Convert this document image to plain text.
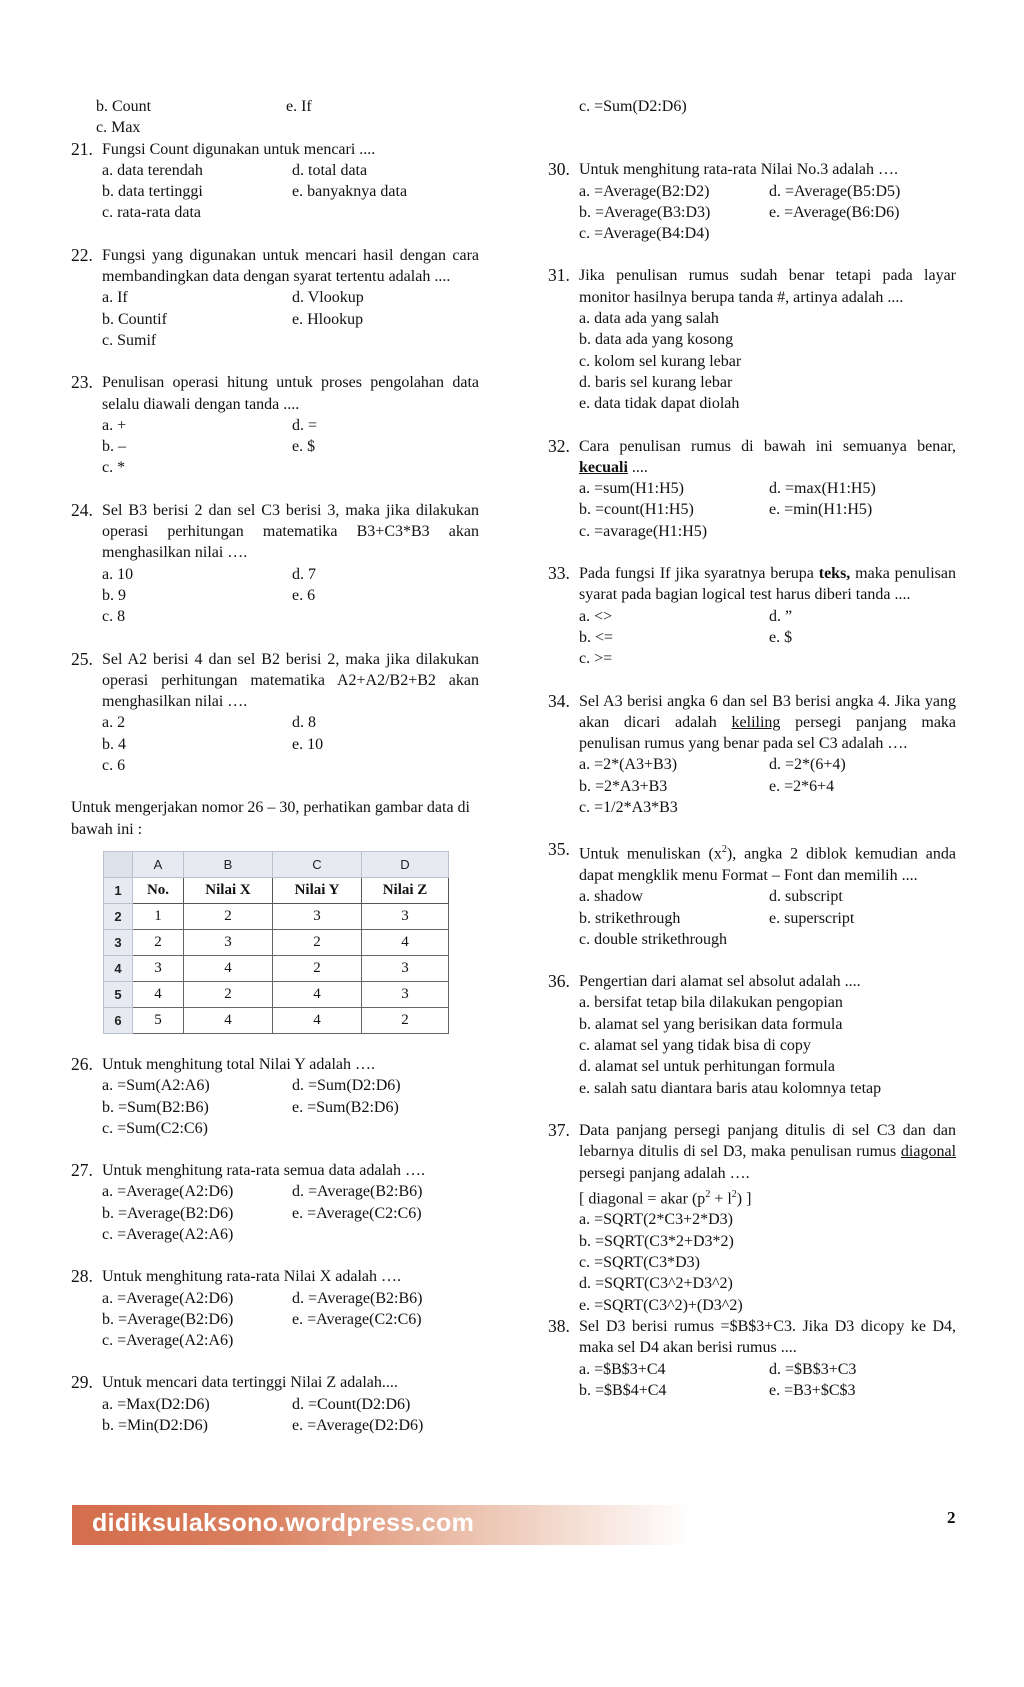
b. Count	e. If
c. Max
21. Fungsi Count digunakan untuk mencari ....
a. data terendah	d. total data
b. data tertinggi	e. banyaknya data
c. rata-rata data
22. Fungsi yang digunakan untuk mencari hasil dengan cara membandingkan data dengan syarat tertentu adalah ....
a. If	d. Vlookup
b. Countif	e. Hlookup
c. Sumif
23. Penulisan operasi hitung untuk proses pengolahan data selalu diawali dengan tanda ....
a. +	d. =
b. –	e. $
c. *
24. Sel B3 berisi 2 dan sel C3 berisi 3, maka jika dilakukan operasi perhitungan matematika B3+C3*B3 akan menghasilkan nilai ….
a. 10	d. 7
b. 9	e. 6
c. 8
25. Sel A2 berisi 4 dan sel B2 berisi 2, maka jika dilakukan operasi perhitungan matematika A2+A2/B2+B2 akan menghasilkan nilai ….
a. 2	d. 8
b. 4	e. 10
c. 6
Untuk mengerjakan nomor 26 – 30, perhatikan gambar data di bawah ini :
	A	B	C	D
1	No.	Nilai X	Nilai Y	Nilai Z
2	1	2	3	3
3	2	3	2	4
4	3	4	2	3
5	4	2	4	3
6	5	4	4	2
26. Untuk menghitung total Nilai Y adalah ….
a. =Sum(A2:A6)	d. =Sum(D2:D6)
b. =Sum(B2:B6)	e. =Sum(B2:D6)
c. =Sum(C2:C6)
27. Untuk menghitung rata-rata semua data adalah ….
a. =Average(A2:D6)	d. =Average(B2:B6)
b. =Average(B2:D6)	e. =Average(C2:C6)
c. =Average(A2:A6)
28. Untuk menghitung rata-rata Nilai X adalah ….
a. =Average(A2:D6)	d. =Average(B2:B6)
b. =Average(B2:D6)	e. =Average(C2:C6)
c. =Average(A2:A6)
29. Untuk mencari data tertinggi Nilai Z adalah....
a. =Max(D2:D6)	d. =Count(D2:D6)
b. =Min(D2:D6)	e. =Average(D2:D6)
c. =Sum(D2:D6)
30. Untuk menghitung rata-rata Nilai No.3 adalah ….
a. =Average(B2:D2)	d. =Average(B5:D5)
b. =Average(B3:D3)	e. =Average(B6:D6)
c. =Average(B4:D4)
31. Jika penulisan rumus sudah benar tetapi pada layar monitor hasilnya berupa tanda #, artinya adalah ....
a. data ada yang salah
b. data ada yang kosong
c. kolom sel kurang lebar
d. baris sel kurang lebar
e. data tidak dapat diolah
32. Cara penulisan rumus di bawah ini semuanya benar, kecuali ....
a. =sum(H1:H5)	d. =max(H1:H5)
b. =count(H1:H5)	e. =min(H1:H5)
c. =avarage(H1:H5)
33. Pada fungsi If jika syaratnya berupa teks, maka penulisan syarat pada bagian logical test harus diberi tanda ....
a. <>	d. ”
b. <=	e. $
c. >=
34. Sel A3 berisi angka 6 dan sel B3 berisi angka 4. Jika yang akan dicari adalah keliling persegi panjang maka penulisan rumus yang benar pada sel C3 adalah ….
a. =2*(A3+B3)	d. =2*(6+4)
b. =2*A3+B3	e. =2*6+4
c. =1/2*A3*B3
35. Untuk menuliskan $(x^2)$, angka 2 diblok kemudian anda dapat mengklik menu Format – Font dan memilih ....
a. shadow	d. subscript
b. strikethrough	e. superscript
c. double strikethrough
36. Pengertian dari alamat sel absolut adalah ....
a. bersifat tetap bila dilakukan pengopian
b. alamat sel yang berisikan data formula
c. alamat sel yang tidak bisa di copy
d. alamat sel untuk perhitungan formula
e. salah satu diantara baris atau kolomnya tetap
37. Data panjang persegi panjang ditulis di sel C3 dan dan lebarnya ditulis di sel D3, maka penulisan rumus diagonal persegi panjang adalah ….
[ diagonal = akar $(p^2 + l^2)$ ]
a. =SQRT(2*C3+2*D3)
b. =SQRT(C3*2+D3*2)
c. =SQRT(C3*D3)
d. =SQRT(C3^2+D3^2)
e. =SQRT(C3^2)+(D3^2)
38. Sel D3 berisi rumus =$B$3+C3. Jika D3 dicopy ke D4, maka sel D4 akan berisi rumus ....
a. =$B$3+C4	d. =$B$3+C3
b. =$B$4+C4	e. =B3+$C$3
didiksulaksono.wordpress.com	2
